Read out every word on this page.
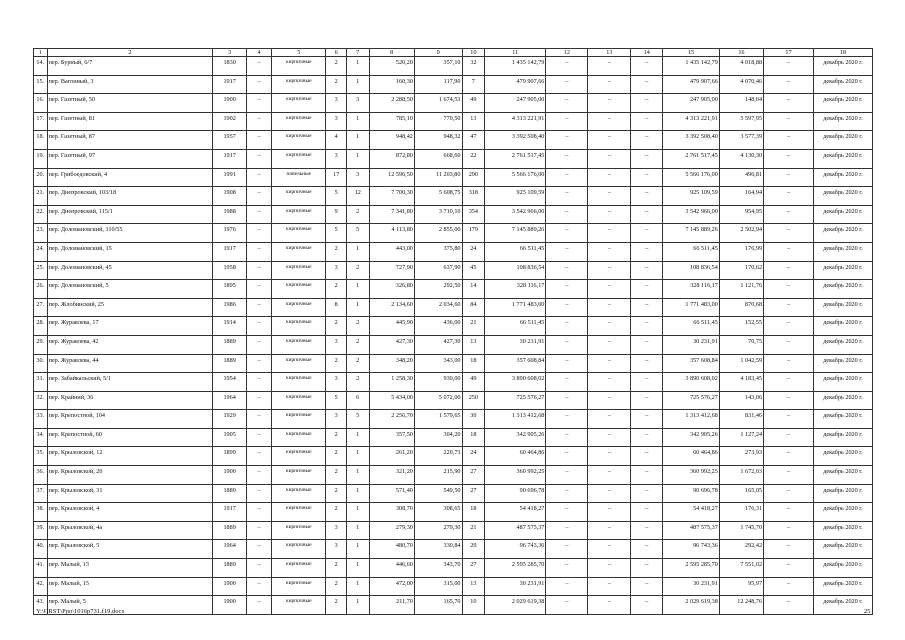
1	2	3	4	5	6	7	8	9	10	11	12	13	14	15	16	17	18
14.	пер. Бурный, 6/7	1830	–	кирпичные	2	1	520,20	357,10	32	1 435 142,79	–	–	–	1 435 142,79	4 018,88	–	декабрь 2020 г.
15.	пер. Вагонный, 3	1917	–	кирпичные	2	1	160,30	117,90	7	479 907,66	–	–	–	479 907,66	4 070,46	–	декабрь 2020 г.
16.	пер. Газетный, 50	1900	–	кирпичные	3	3	2 288,50	1 674,53	49	247 905,00	–	–	–	247 905,00	148,04	–	декабрь 2020 г.
17.	пер. Газетный, 81	1902	–	кирпичные	3	1	785,10	770,50	13	4 313 221,91	–	–	–	4 313 221,91	5 597,95	–	декабрь 2020 г.
18.	пер. Газетный, 87	1957	–	кирпичные	4	1	948,42	948,32	47	3 392 508,40	–	–	–	3 392 508,40	3 577,39	–	декабрь 2020 г.
19.	пер. Газетный, 97	1917	–	кирпичные	3	1	872,80	668,60	22	2 761 517,45	–	–	–	2 761 517,45	4 130,30	–	декабрь 2020 г.
20.	пер. Грибоедовский, 4	1991	–	панельные	17	3	12 596,50	11 203,80	290	5 566 176,00	–	–	–	5 566 176,00	496,81	–	декабрь 2020 г.
21.	пер. Днепровский, 103/18	1908	–	кирпичные	5	12	7 700,30	5 608,75	318	925 109,59	–	–	–	925 109,59	164,94	–	декабрь 2020 г.
22.	пер. Днепровский, 115/1	1988	–	кирпичные	9	2	7 341,80	3 710,10	354	3 542 966,00	–	–	–	3 542 966,00	954,95	–	декабрь 2020 г.
23.	пер. Доломановский, 110/55	1976	–	кирпичные	5	5	4 113,80	2 855,00	179	7 145 889,26	–	–	–	7 145 889,26	2 502,94	–	декабрь 2020 г.
24.	пер. Доломановский, 15	1917	–	кирпичные	2	1	443,00	375,80	24	66 511,45	–	–	–	66 511,45	176,99	–	декабрь 2020 г.
25.	пер. Доломановский, 45	1958	–	кирпичные	3	2	727,90	637,90	45	108 836,54	–	–	–	108 836,54	170,62	–	декабрь 2020 г.
26.	пер. Доломановский, 5	1895	–	кирпичные	2	1	326,80	292,50	14	328 116,17	–	–	–	328 116,17	1 121,76	–	декабрь 2020 г.
27.	пер. Жлобинский, 25	1986	–	кирпичные	8	1	2 134,60	2 034,60	84	1 771 483,00	–	–	–	1 771 483,00	870,68	–	декабрь 2020 г.
28.	пер. Журавлева, 17	1914	–	кирпичные	2	2	445,90	436,00	21	66 511,45	–	–	–	66 511,45	152,55	–	декабрь 2020 г.
29.	пер. Журавлева, 42	1889	–	кирпичные	3	2	427,30	427,30	13	30 231,91	–	–	–	30 231,91	70,75	–	декабрь 2020 г.
30.	пер. Журавлева, 44	1889	–	кирпичные	2	2	348,20	343,00	18	357 608,84	–	–	–	357 608,84	1 042,59	–	декабрь 2020 г.
31.	пер. Забайкальский, 5/1	1954	–	кирпичные	3	2	1 258,30	930,00	49	3 890 608,02	–	–	–	3 890 608,02	4 183,45	–	декабрь 2020 г.
32.	пер. Крайний, 36	1964	–	кирпичные	5	6	5 434,00	5 072,00	250	725 576,27	–	–	–	725 576,27	143,06	–	декабрь 2020 г.
33.	пер. Крепостной, 104	1929	–	кирпичные	3	5	2 256,70	1 579,65	30	1 313 412,68	–	–	–	1 313 412,68	831,46	–	декабрь 2020 г.
34.	пер. Крепостной, 60	1905	–	кирпичные	2	1	357,50	304,20	18	342 905,26	–	–	–	342 905,26	1 127,24	–	декабрь 2020 г.
35.	пер. Крыловской, 12	1899	–	кирпичные	2	1	261,20	220,73	24	60 464,86	–	–	–	60 464,86	273,93	–	декабрь 2020 г.
36.	пер. Крыловской, 20	1900	–	кирпичные	2	1	321,20	215,90	27	360 992,25	–	–	–	360 992,25	1 672,03	–	декабрь 2020 г.
37.	пер. Крыловской, 31	1889	–	кирпичные	2	1	571,40	549,50	27	90 696,78	–	–	–	90 696,78	165,05	–	декабрь 2020 г.
38.	пер. Крыловской, 4	1917	–	кирпичные	2	1	308,70	308,65	18	54 418,27	–	–	–	54 418,27	176,31	–	декабрь 2020 г.
39.	пер. Крыловской, 4а	1889	–	кирпичные	3	1	279,30	279,30	21	487 575,37	–	–	–	487 575,37	1 745,70	–	декабрь 2020 г.
40.	пер. Крыловской, 5	1964	–	кирпичные	3	1	480,70	330,84	20	96 743,36	–	–	–	96 743,36	292,42	–	декабрь 2020 г.
41.	пер. Малый, 13	1889	–	кирпичные	2	1	446,60	343,70	27	2 595 285,70	–	–	–	2 595 285,70	7 551,02	–	декабрь 2020 г.
42.	пер. Малый, 15	1900	–	кирпичные	2	1	472,00	315,00	13	30 231,91	–	–	–	30 231,91	95,97	–	декабрь 2020 г.
43.	пер. Малый, 5	1900	–	кирпичные	2	1	211,70	165,70	10	2 029 619,38	–	–	–	2 029 619,38	12 248,76	–	декабрь 2020 г.
Y:\ORST\Ppo\1016p731.f19.docx	25
